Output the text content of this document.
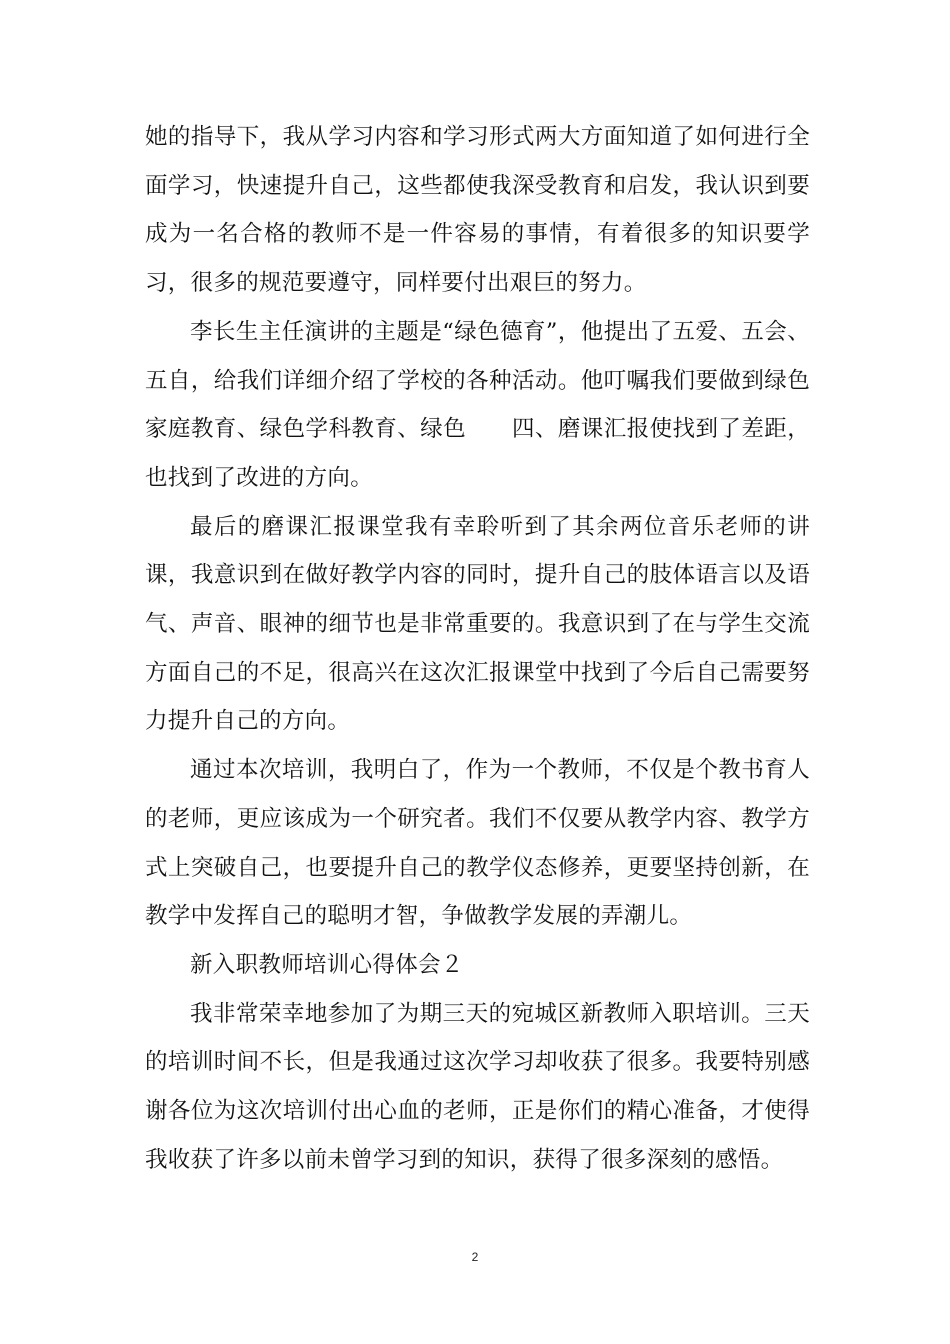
她的指导下，我从学习内容和学习形式两大方面知道了如何进行全面学习，快速提升自己，这些都使我深受教育和启发，我认识到要成为一名合格的教师不是一件容易的事情，有着很多的知识要学习，很多的规范要遵守，同样要付出艰巨的努力。

李长生主任演讲的主题是“绿色德育”，他提出了五爱、五会、五自，给我们详细介绍了学校的各种活动。他叮嘱我们要做到绿色家庭教育、绿色学科教育、绿色　　四、磨课汇报使找到了差距，也找到了改进的方向。

最后的磨课汇报课堂我有幸聆听到了其余两位音乐老师的讲课，我意识到在做好教学内容的同时，提升自己的肢体语言以及语气、声音、眼神的细节也是非常重要的。我意识到了在与学生交流方面自己的不足，很高兴在这次汇报课堂中找到了今后自己需要努力提升自己的方向。

通过本次培训，我明白了，作为一个教师，不仅是个教书育人的老师，更应该成为一个研究者。我们不仅要从教学内容、教学方式上突破自己，也要提升自己的教学仪态修养，更要坚持创新，在教学中发挥自己的聪明才智，争做教学发展的弄潮儿。

新入职教师培训心得体会２

我非常荣幸地参加了为期三天的宛城区新教师入职培训。三天的培训时间不长，但是我通过这次学习却收获了很多。我要特别感谢各位为这次培训付出心血的老师，正是你们的精心准备，才使得我收获了许多以前未曾学习到的知识，获得了很多深刻的感悟。

2
